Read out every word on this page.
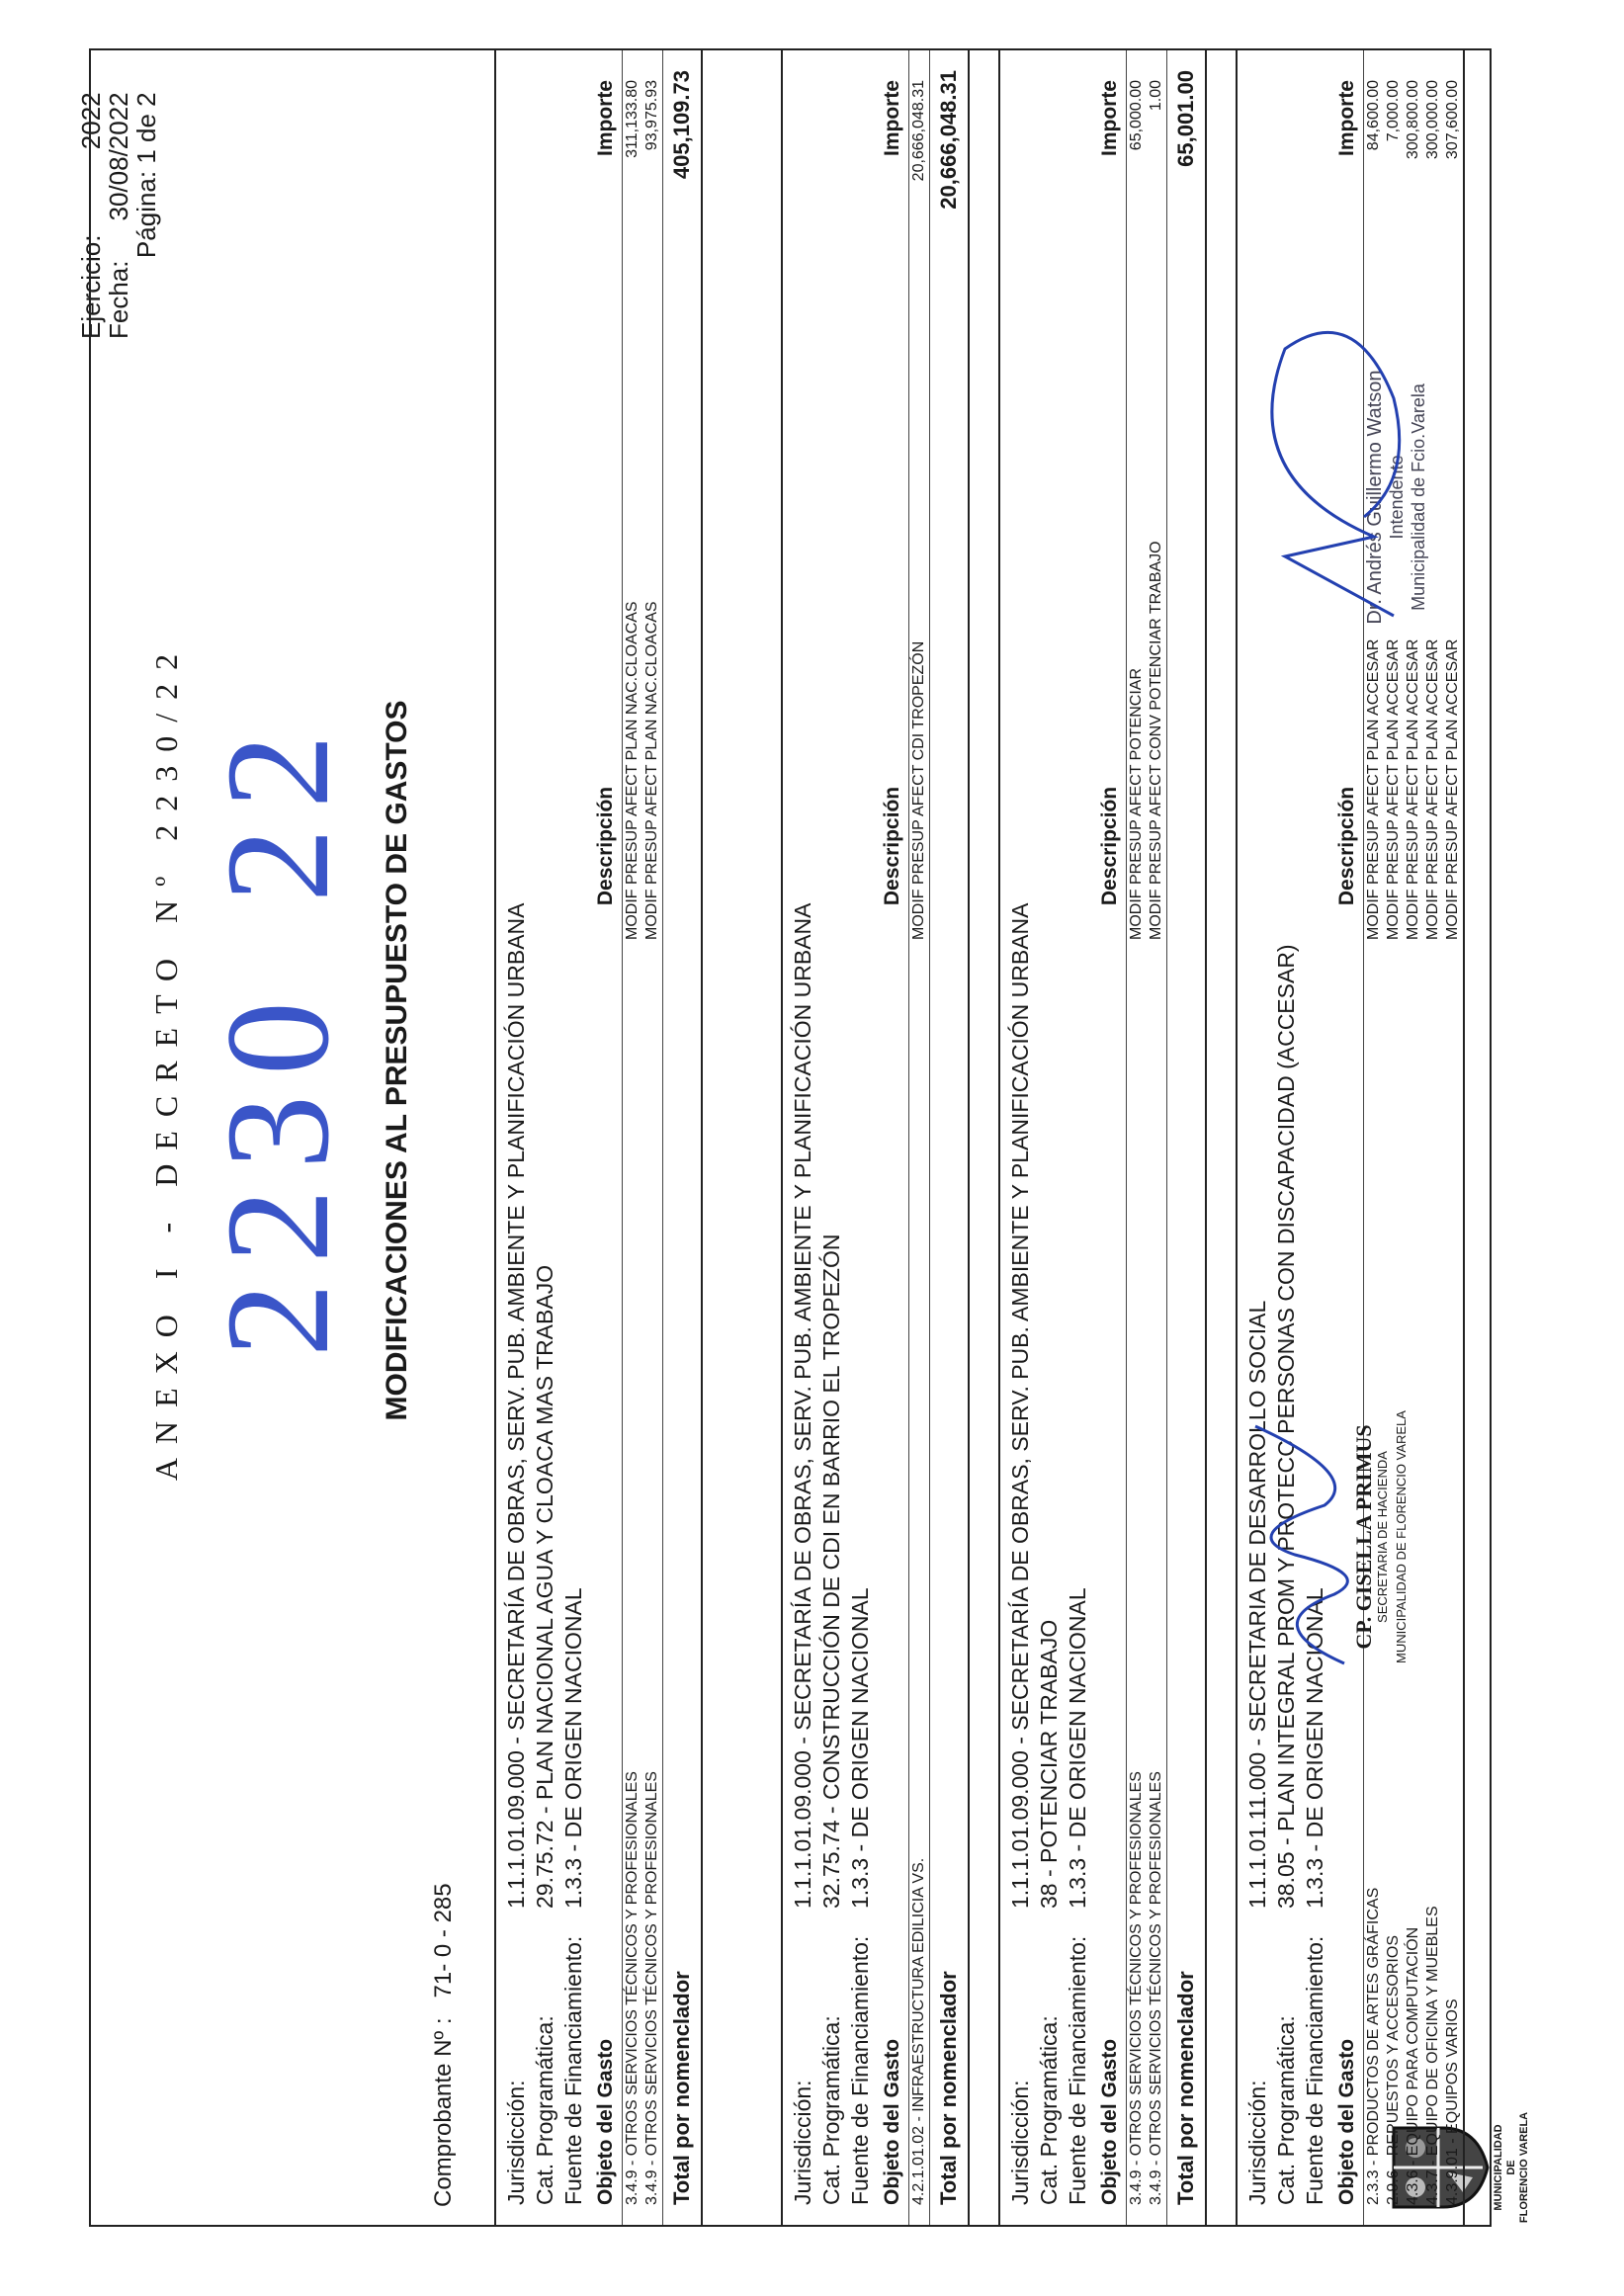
MUNICIPALIDAD DE FLORENCIO VARELA
ANEXO I - DECRETO Nº 2230/22 223022
Ejercicio:
2022
Fecha:
30/08/2022
Página: 1 de 2
MODIFICACIONES AL PRESUPUESTO DE GASTOS
Comprobante Nº :   71- 0 - 285
Jurisdicción:
1.1.1.01.09.000 - SECRETARÍA DE OBRAS, SERV. PUB. AMBIENTE Y PLANIFICACIÓN URBANA
Cat. Programática:
29.75.72 - PLAN NACIONAL AGUA Y CLOACA MAS TRABAJO
Fuente de Financiamiento:
1.3.3 - DE ORIGEN NACIONAL
Objeto del Gasto
Descripción
Importe
3.4.9 - OTROS SERVICIOS TÉCNICOS Y PROFESIONALES
MODIF PRESUP AFECT PLAN NAC.CLOACAS
311,133.80
3.4.9 - OTROS SERVICIOS TÉCNICOS Y PROFESIONALES
MODIF PRESUP AFECT PLAN NAC.CLOACAS
93,975.93
Total por nomenclador
405,109.73
Jurisdicción:
1.1.1.01.09.000 - SECRETARÍA DE OBRAS, SERV. PUB. AMBIENTE Y PLANIFICACIÓN URBANA
Cat. Programática:
32.75.74 - CONSTRUCCIÓN DE CDI EN BARRIO EL TROPEZÓN
Fuente de Financiamiento:
1.3.3 - DE ORIGEN NACIONAL
Objeto del Gasto
Descripción
Importe
4.2.1.01.02 - INFRAESTRUCTURA EDILICIA VS.
MODIF PRESUP AFECT CDI TROPEZÓN
20,666,048.31
Total por nomenclador
20,666,048.31
Jurisdicción:
1.1.1.01.09.000 - SECRETARÍA DE OBRAS, SERV. PUB. AMBIENTE Y PLANIFICACIÓN URBANA
Cat. Programática:
38 - POTENCIAR TRABAJO
Fuente de Financiamiento:
1.3.3 - DE ORIGEN NACIONAL
Objeto del Gasto
Descripción
Importe
3.4.9 - OTROS SERVICIOS TÉCNICOS Y PROFESIONALES
MODIF PRESUP AFECT POTENCIAR
65,000.00
3.4.9 - OTROS SERVICIOS TÉCNICOS Y PROFESIONALES
MODIF PRESUP AFECT CONV POTENCIAR TRABAJO
1.00
Total por nomenclador
65,001.00
Jurisdicción:
1.1.1.01.11.000 - SECRETARIA DE DESARROLLO SOCIAL
Cat. Programática:
38.05 - PLAN INTEGRAL PROM Y PROTECC PERSONAS CON DISCAPACIDAD (ACCESAR)
Fuente de Financiamiento:
1.3.3 - DE ORIGEN NACIONAL
Objeto del Gasto
Descripción
Importe
2.3.3 - PRODUCTOS DE ARTES GRÁFICAS
MODIF PRESUP AFECT PLAN ACCESAR
84,600.00
2.9.6 - REPUESTOS Y ACCESORIOS
MODIF PRESUP AFECT PLAN ACCESAR
7,000.00
4.3.6 - EQUIPO PARA COMPUTACIÓN
MODIF PRESUP AFECT PLAN ACCESAR
300,800.00
4.3.7 - EQUIPO DE OFICINA Y MUEBLES
MODIF PRESUP AFECT PLAN ACCESAR
300,000.00
4.3.9.01 - EQUIPOS VARIOS
MODIF PRESUP AFECT PLAN ACCESAR
307,600.00
CP. GISELLA PRIMUS SECRETARIA DE HACIENDA MUNICIPALIDAD DE FLORENCIO VARELA
Dr. Andrés Guillermo Watson Intendente Municipalidad de Fcio.Varela
